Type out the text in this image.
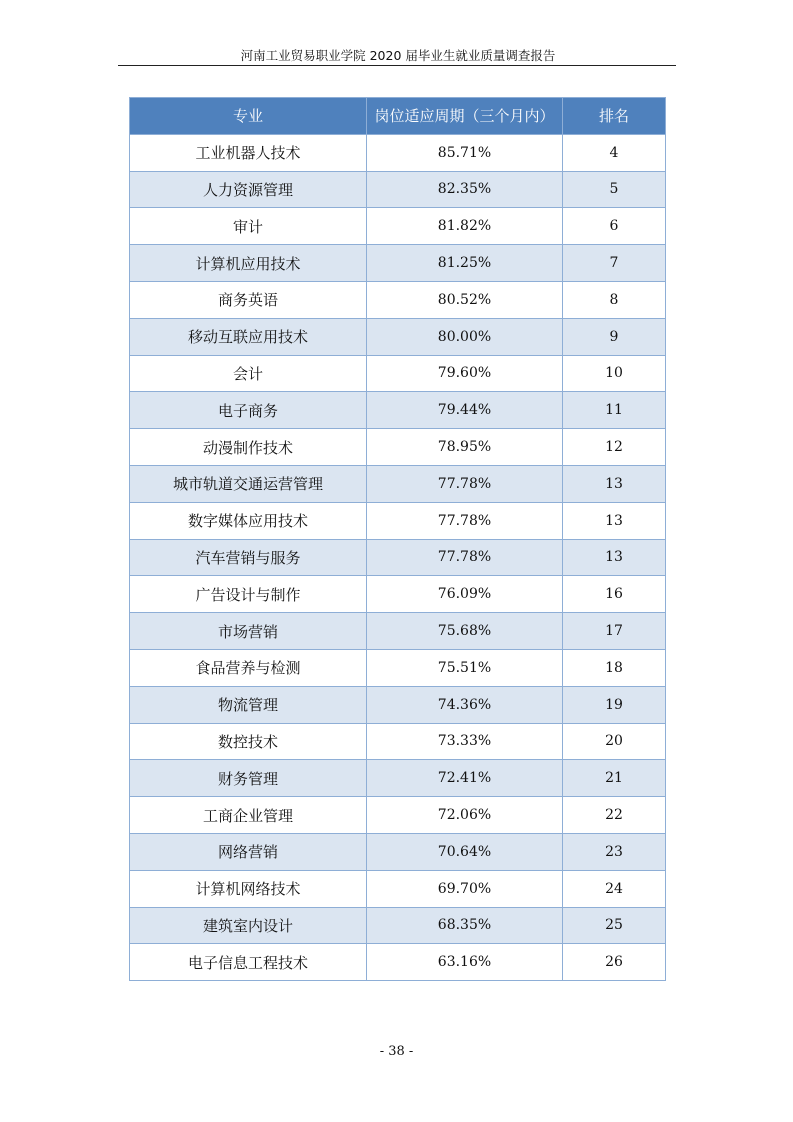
河南工业贸易职业学院 2020 届毕业生就业质量调查报告
专业	岗位适应周期（三个月内）	排名
工业机器人技术	85.71%	4
人力资源管理	82.35%	5
审计	81.82%	6
计算机应用技术	81.25%	7
商务英语	80.52%	8
移动互联应用技术	80.00%	9
会计	79.60%	10
电子商务	79.44%	11
动漫制作技术	78.95%	12
城市轨道交通运营管理	77.78%	13
数字媒体应用技术	77.78%	13
汽车营销与服务	77.78%	13
广告设计与制作	76.09%	16
市场营销	75.68%	17
食品营养与检测	75.51%	18
物流管理	74.36%	19
数控技术	73.33%	20
财务管理	72.41%	21
工商企业管理	72.06%	22
网络营销	70.64%	23
计算机网络技术	69.70%	24
建筑室内设计	68.35%	25
电子信息工程技术	63.16%	26
- 38 -
